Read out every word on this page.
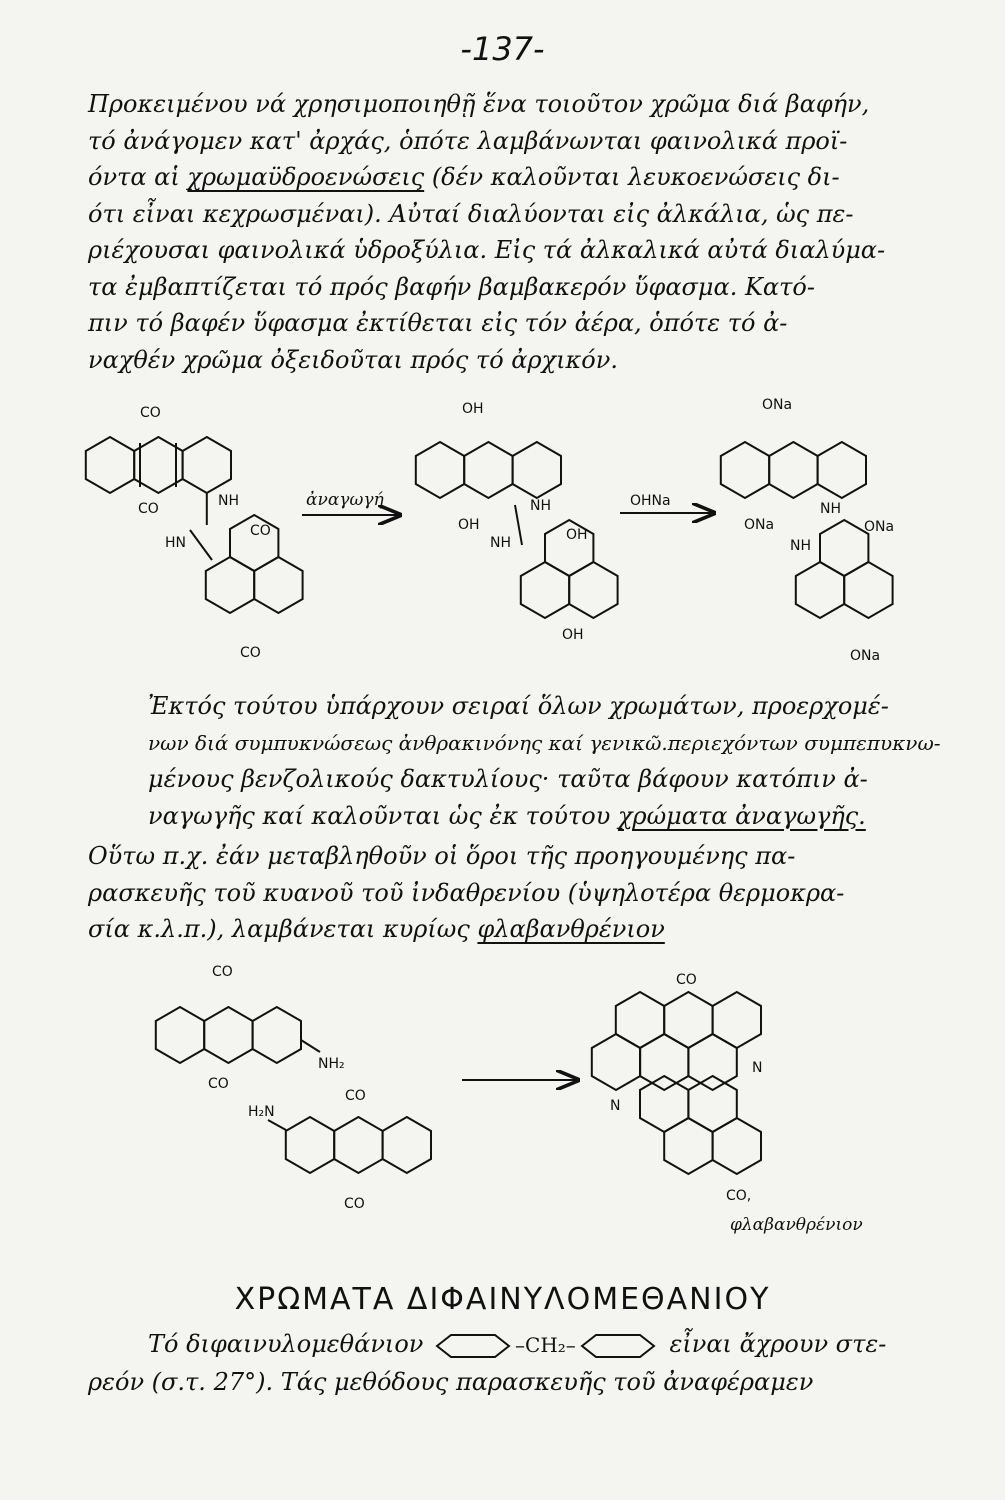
-137-
Προκειμένου νά χρησιμοποιηθῇ ἕνα τοιοῦτον χρῶμα διά βαφήν,
τό ἀνάγομεν κατ' ἀρχάς, ὁπότε λαμβάνωνται φαινολικά προϊ-
όντα αἱ χρωμαϋδροενώσεις (δέν καλοῦνται λευκοενώσεις δι-
ότι εἶναι κεχρωσμέναι). Αὐταί διαλύονται εἰς ἀλκάλια, ὡς πε-
ριέχουσαι φαινολικά ὑδροξύλια. Εἰς τά ἀλκαλικά αὐτά διαλύμα-
τα ἐμβαπτίζεται τό πρός βαφήν βαμβακερόν ὕφασμα. Κατό-
πιν τό βαφέν ὕφασμα ἐκτίθεται εἰς τόν ἀέρα, ὁπότε τό ἀ-
ναχθέν χρῶμα ὀξειδοῦται πρός τό ἀρχικόν.
CO
CO	NH
HN
CO
CO
ἀναγωγή
OH
OH
NH
NH	OH
OH
OHNa
ONa
ONa
NH
NH
ONa
ONa
Ἐκτός τούτου ὑπάρχουν σειραί ὅλων χρωμάτων, προερχομέ-
νων διά συμπυκνώσεως ἀνθρακινόνης καί γενικῶ.περιεχόντων συμπεπυκνω-
μένους βενζολικούς δακτυλίους· ταῦτα βάφουν κατόπιν ἀ-
ναγωγῆς καί καλοῦνται ὡς ἐκ τούτου χρώματα ἀναγωγῆς.
Οὕτω π.χ. ἐάν μεταβληθοῦν οἱ ὅροι τῆς προηγουμένης πα-
ρασκευῆς τοῦ κυανοῦ τοῦ ἰνδαθρενίου (ὑψηλοτέρα θερμοκρα-
σία κ.λ.π.), λαμβάνεται κυρίως φλαβανθρένιον
CO
CO
NH₂
CO
CO
H₂N
CO
N
N
CO,
φλαβανθρένιον
ΧΡΩΜΑΤΑ ΔΙΦΑΙΝΥΛΟΜΕΘΑΝΙΟΥ
Τό διφαινυλομεθάνιον	–CH₂–	εἶναι ἄχρουν στε-
ρεόν (σ.τ. 27°). Τάς μεθόδους παρασκευῆς τοῦ ἀναφέραμεν
